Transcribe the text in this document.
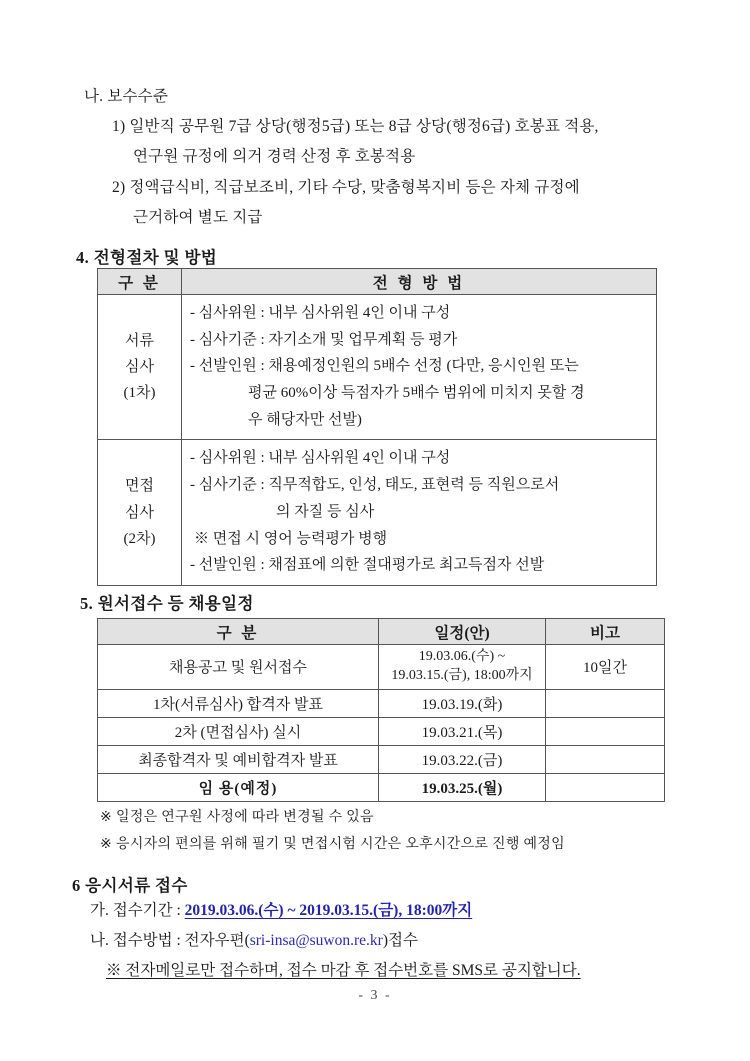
나. 보수수준
1) 일반직 공무원 7급 상당(행정5급) 또는 8급 상당(행정6급) 호봉표 적용,
연구원 규정에 의거 경력 산정 후 호봉적용
2) 정액급식비, 직급보조비, 기타 수당, 맞춤형복지비 등은 자체 규정에
근거하여 별도 지급
4. 전형절차 및 방법
구 분	전 형 방 법

서류
심사
(1차)

- 심사위원 : 내부 심사위원 4인 이내 구성
- 심사기준 : 자기소개 및 업무계획 등 평가
- 선발인원 : 채용예정인원의 5배수 선정 (다만, 응시인원 또는
평균 60%이상 득점자가 5배수 범위에 미치지 못할 경
우 해당자만 선발)

면접
심사
(2차)

- 심사위원 : 내부 심사위원 4인 이내 구성
- 심사기준 : 직무적합도, 인성, 태도, 표현력 등 직원으로서
의 자질 등 심사
※ 면접 시 영어 능력평가 병행
- 선발인원 : 채점표에 의한 절대평가로 최고득점자 선발
5. 원서접수 등 채용일정
구 분	일정(안)	비고
채용공고 및 원서접수	19.03.06.(수) ~
19.03.15.(금), 18:00까지	10일간
1차(서류심사) 합격자 발표	19.03.19.(화)	
2차 (면접심사) 실시	19.03.21.(목)	
최종합격자 및 예비합격자 발표	19.03.22.(금)	
임 용(예정)	19.03.25.(월)	
※ 일정은 연구원 사정에 따라 변경될 수 있음
※ 응시자의 편의를 위해 필기 및 면접시험 시간은 오후시간으로 진행 예정임
6 응시서류 접수
가. 접수기간 : 2019.03.06.(수) ~ 2019.03.15.(금), 18:00까지
나. 접수방법 : 전자우편(sri-insa@suwon.re.kr)접수
※ 전자메일로만 접수하며, 접수 마감 후 접수번호를 SMS로 공지합니다.
- 3 -
